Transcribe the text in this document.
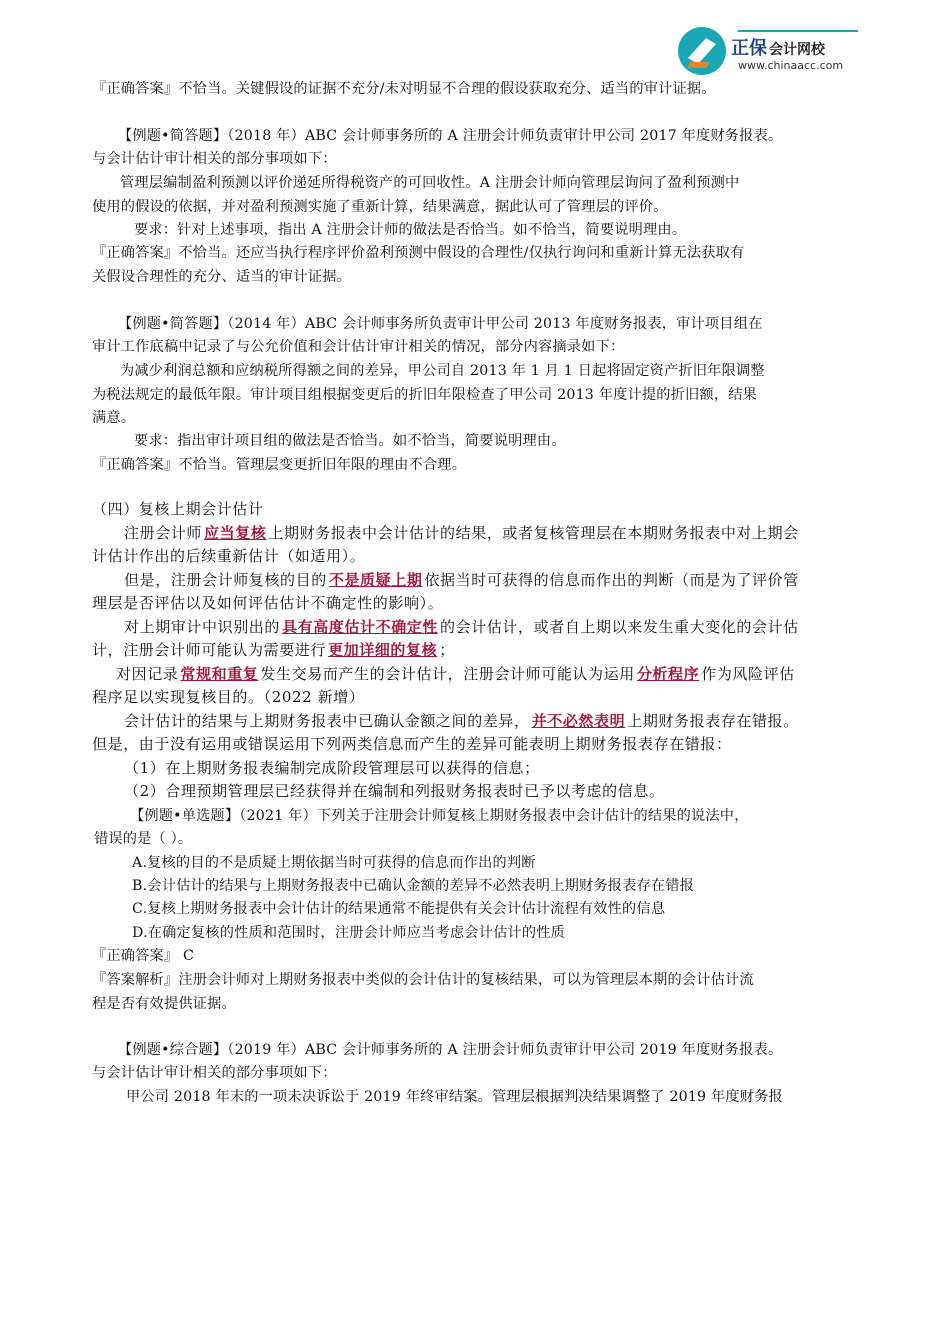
正保 会计网校
www.chinaacc.com
『正确答案』不恰当。关键假设的证据不充分/未对明显不合理的假设获取充分、适当的审计证据。
【例题•简答题】（2018 年）ABC 会计师事务所的 A 注册会计师负责审计甲公司 2017 年度财务报表。
与会计估计审计相关的部分事项如下：
管理层编制盈利预测以评价递延所得税资产的可回收性。A 注册会计师向管理层询问了盈利预测中
使用的假设的依据，并对盈利预测实施了重新计算，结果满意，据此认可了管理层的评价。
要求：针对上述事项，指出 A 注册会计师的做法是否恰当。如不恰当，简要说明理由。
『正确答案』不恰当。还应当执行程序评价盈利预测中假设的合理性/仅执行询问和重新计算无法获取有
关假设合理性的充分、适当的审计证据。
【例题•简答题】（2014 年）ABC 会计师事务所负责审计甲公司 2013 年度财务报表，审计项目组在
审计工作底稿中记录了与公允价值和会计估计审计相关的情况，部分内容摘录如下：
为减少利润总额和应纳税所得额之间的差异，甲公司自 2013 年 1 月 1 日起将固定资产折旧年限调整
为税法规定的最低年限。审计项目组根据变更后的折旧年限检查了甲公司 2013 年度计提的折旧额，结果
满意。
要求：指出审计项目组的做法是否恰当。如不恰当，简要说明理由。
『正确答案』不恰当。管理层变更折旧年限的理由不合理。
（四）复核上期会计估计
注册会计师 应当复核 上期财务报表中会计估计的结果，或者复核管理层在本期财务报表中对上期会
计估计作出的后续重新估计（如适用）。
但是，注册会计师复核的目的 不是质疑上期 依据当时可获得的信息而作出的判断（而是为了评价管
理层是否评估以及如何评估估计不确定性的影响）。
对上期审计中识别出的 具有高度估计不确定性 的会计估计，或者自上期以来发生重大变化的会计估
计，注册会计师可能认为需要进行 更加详细的复核 ；
对因记录 常规和重复 发生交易而产生的会计估计，注册会计师可能认为运用 分析程序 作为风险评估
程序足以实现复核目的。（2022 新增）
会计估计的结果与上期财务报表中已确认金额之间的差异， 并不必然表明 上期财务报表存在错报。
但是，由于没有运用或错误运用下列两类信息而产生的差异可能表明上期财务报表存在错报：
（1）在上期财务报表编制完成阶段管理层可以获得的信息；
（2）合理预期管理层已经获得并在编制和列报财务报表时已予以考虑的信息。
【例题•单选题】（2021 年）下列关于注册会计师复核上期财务报表中会计估计的结果的说法中，
错误的是（ ）。
A.复核的目的不是质疑上期依据当时可获得的信息而作出的判断
B.会计估计的结果与上期财务报表中已确认金额的差异不必然表明上期财务报表存在错报
C.复核上期财务报表中会计估计的结果通常不能提供有关会计估计流程有效性的信息
D.在确定复核的性质和范围时，注册会计师应当考虑会计估计的性质
『正确答案』 C
『答案解析』注册会计师对上期财务报表中类似的会计估计的复核结果，可以为管理层本期的会计估计流
程是否有效提供证据。
【例题•综合题】（2019 年）ABC 会计师事务所的 A 注册会计师负责审计甲公司 2019 年度财务报表。
与会计估计审计相关的部分事项如下：
甲公司 2018 年末的一项未决诉讼于 2019 年终审结案。管理层根据判决结果调整了 2019 年度财务报
